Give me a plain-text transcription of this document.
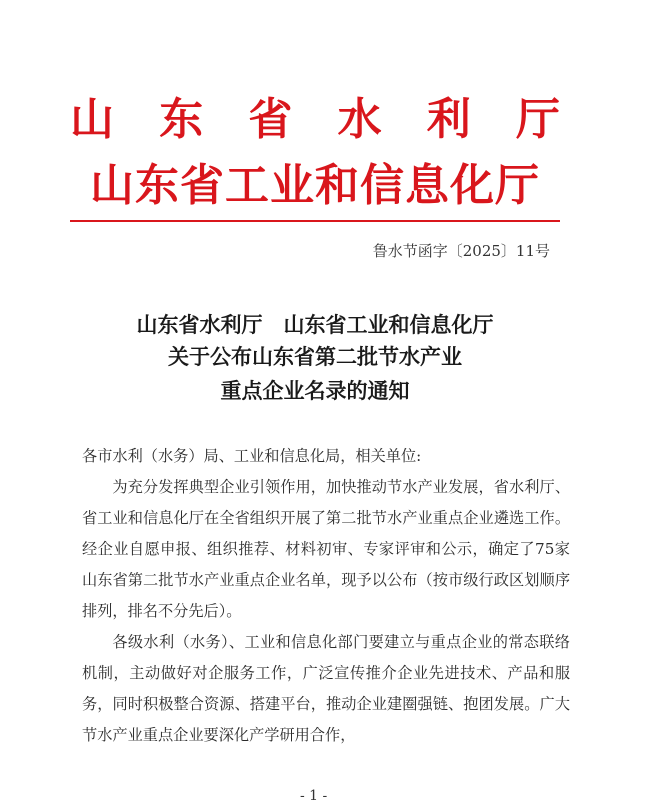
山 东 省 水 利 厅
山东省工业和信息化厅
鲁水节函字〔2025〕11号
山东省水利厅　山东省工业和信息化厅
关于公布山东省第二批节水产业
重点企业名录的通知

各市水利（水务）局、工业和信息化局，相关单位:

为充分发挥典型企业引领作用，加快推动节水产业发展，省水利厅、省工业和信息化厅在全省组织开展了第二批节水产业重点企业遴选工作。经企业自愿申报、组织推荐、材料初审、专家评审和公示，确定了75家山东省第二批节水产业重点企业名单，现予以公布（按市级行政区划顺序排列，排名不分先后）。

各级水利（水务）、工业和信息化部门要建立与重点企业的常态联络机制，主动做好对企服务工作，广泛宣传推介企业先进技术、产品和服务，同时积极整合资源、搭建平台，推动企业建圈强链、抱团发展。广大节水产业重点企业要深化产学研用合作，

- 1 -
